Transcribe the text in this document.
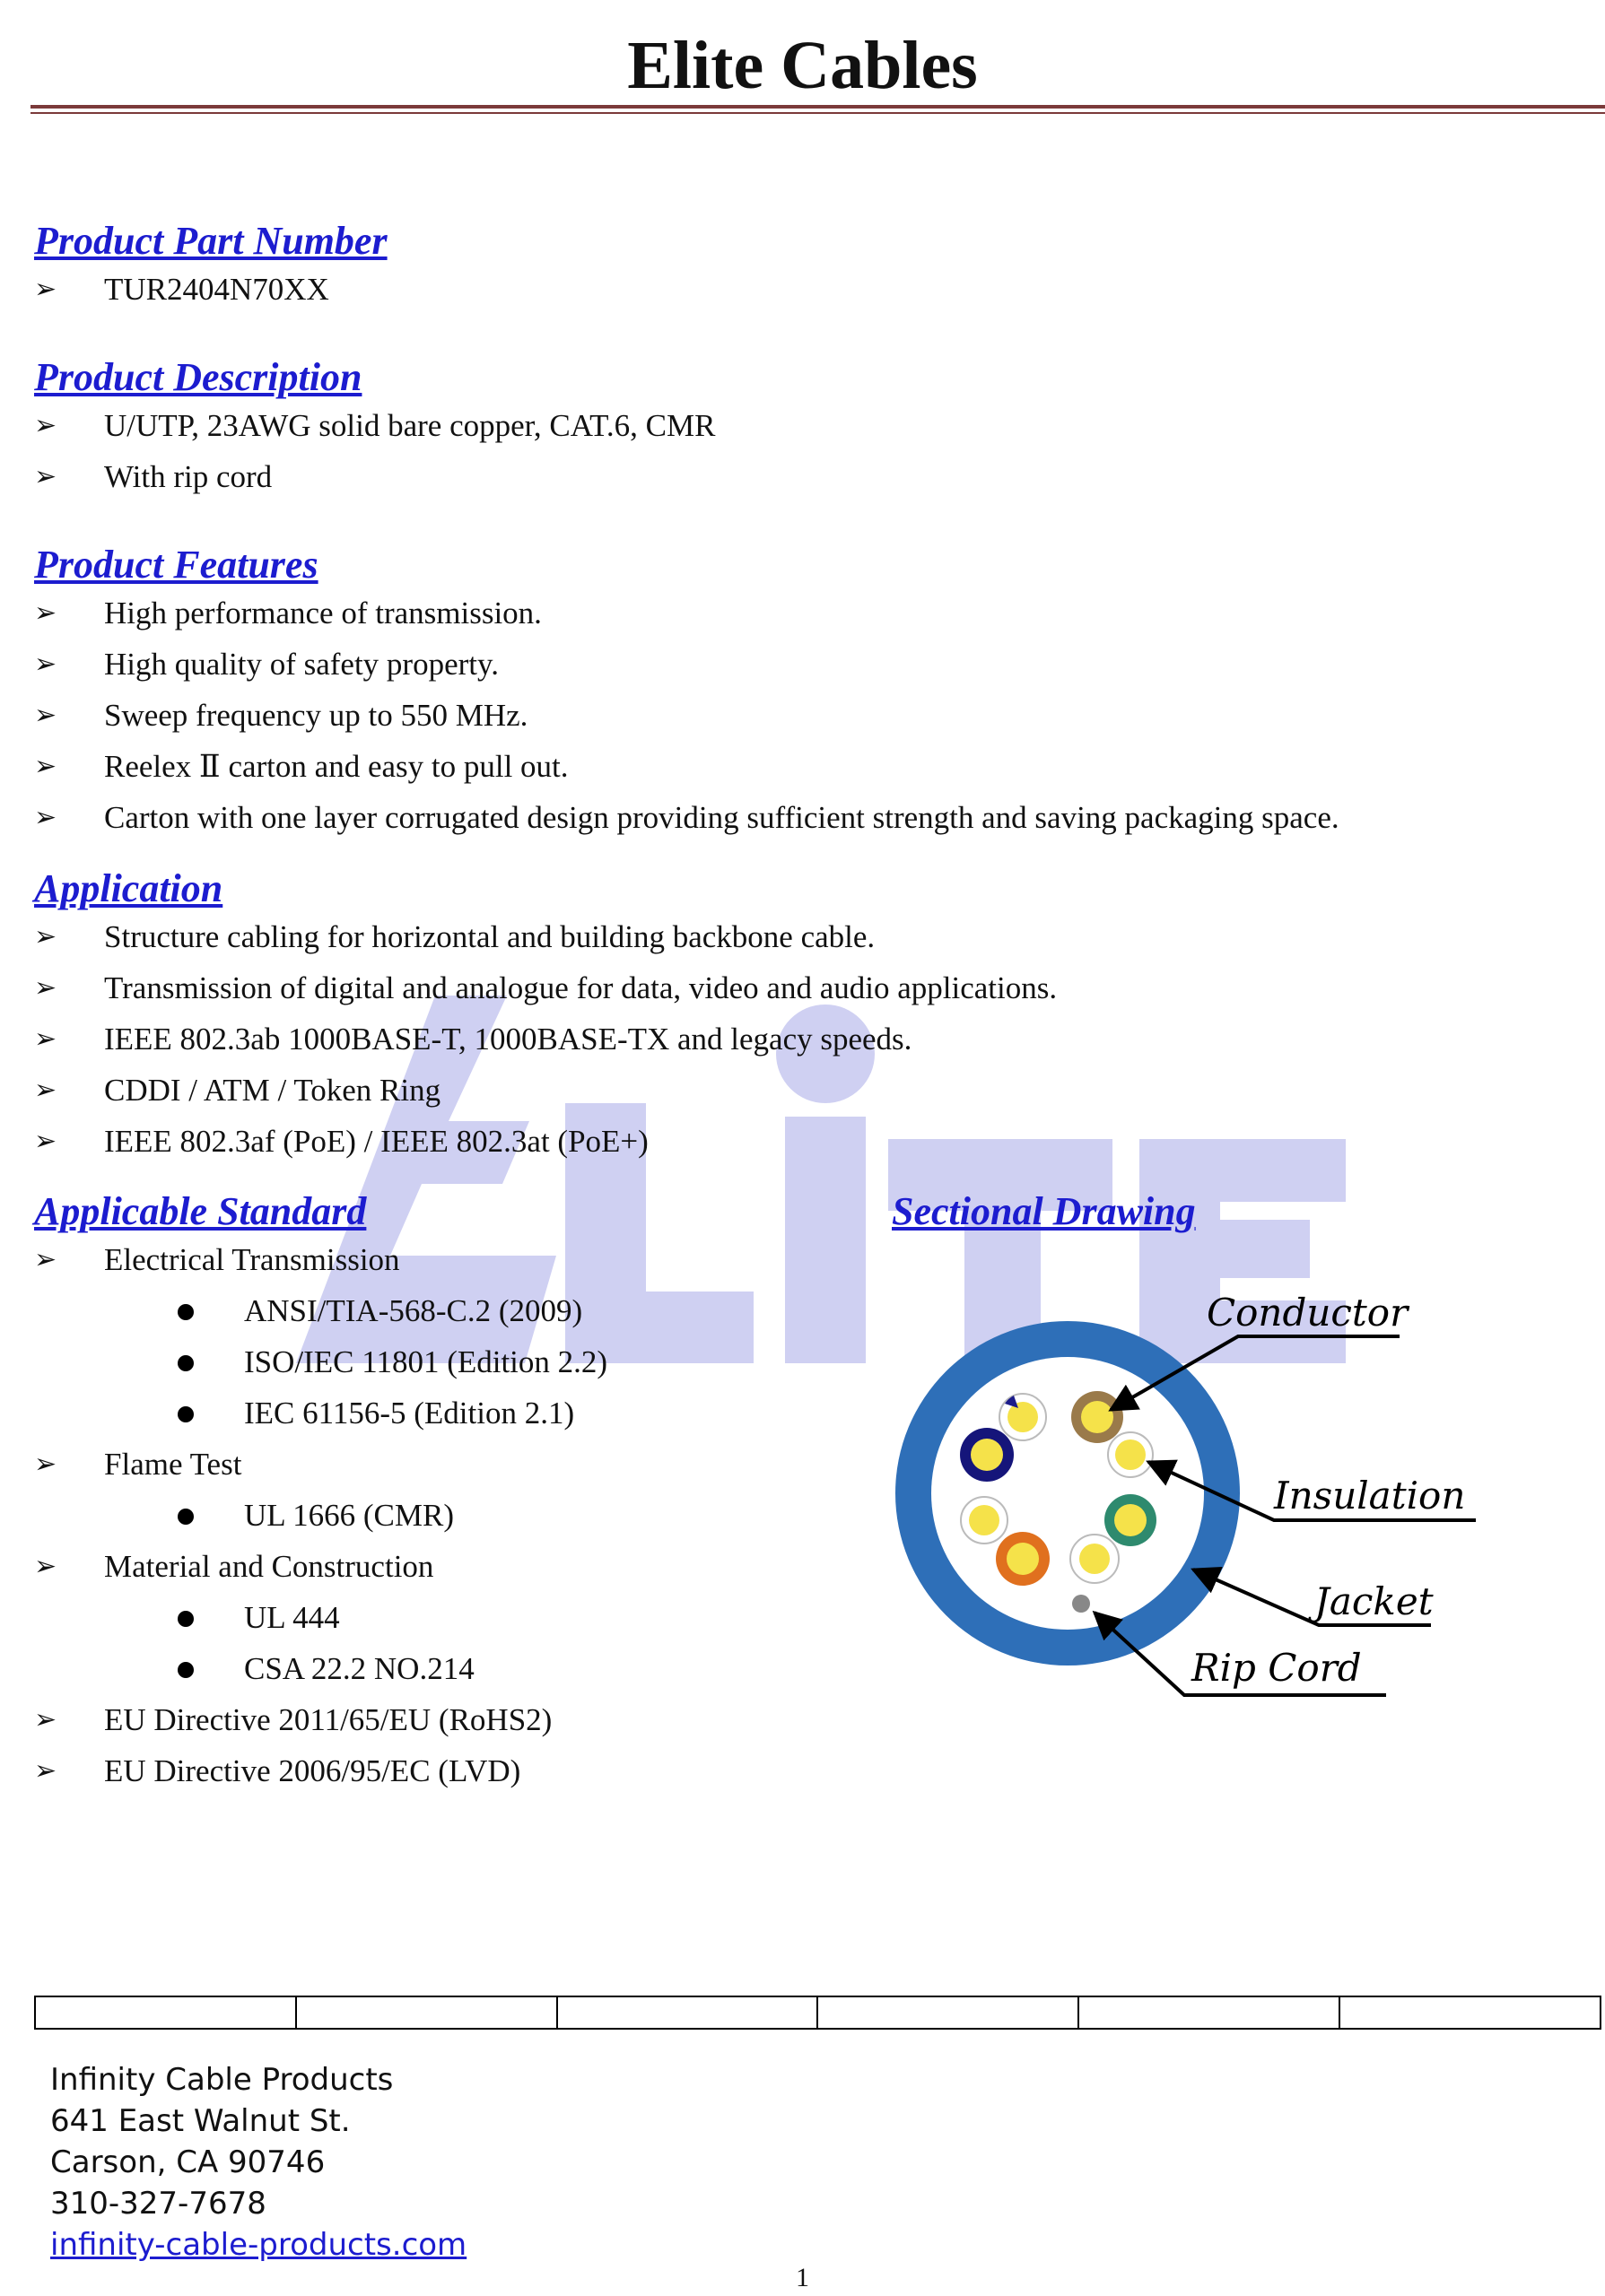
Elite Cables
Product Part Number
➢ TUR2404N70XX
Product Description
➢ U/UTP, 23AWG solid bare copper, CAT.6, CMR
➢ With rip cord
Product Features
➢ High performance of transmission.
➢ High quality of safety property.
➢ Sweep frequency up to 550 MHz.
➢ Reelex Ⅱ carton and easy to pull out.
➢ Carton with one layer corrugated design providing sufficient strength and saving packaging space.
Application
➢ Structure cabling for horizontal and building backbone cable.
➢ Transmission of digital and analogue for data, video and audio applications.
➢ IEEE 802.3ab 1000BASE-T, 1000BASE-TX and legacy speeds.
➢ CDDI / ATM / Token Ring
➢ IEEE 802.3af (PoE) / IEEE 802.3at (PoE+)
Applicable Standard
➢ Electrical Transmission
ANSI/TIA-568-C.2 (2009)
ISO/IEC 11801 (Edition 2.2)
IEC 61156-5 (Edition 2.1)
➢ Flame Test
UL 1666 (CMR)
➢ Material and Construction
UL 444
CSA 22.2 NO.214
➢ EU Directive 2011/65/EU (RoHS2)
➢ EU Directive 2006/95/EC (LVD)
Sectional Drawing
Conductor
Insulation
Jacket
Rip Cord

Infinity Cable Products
641 East Walnut St.
Carson, CA 90746
310-327-7678
infinity-cable-products.com
1
